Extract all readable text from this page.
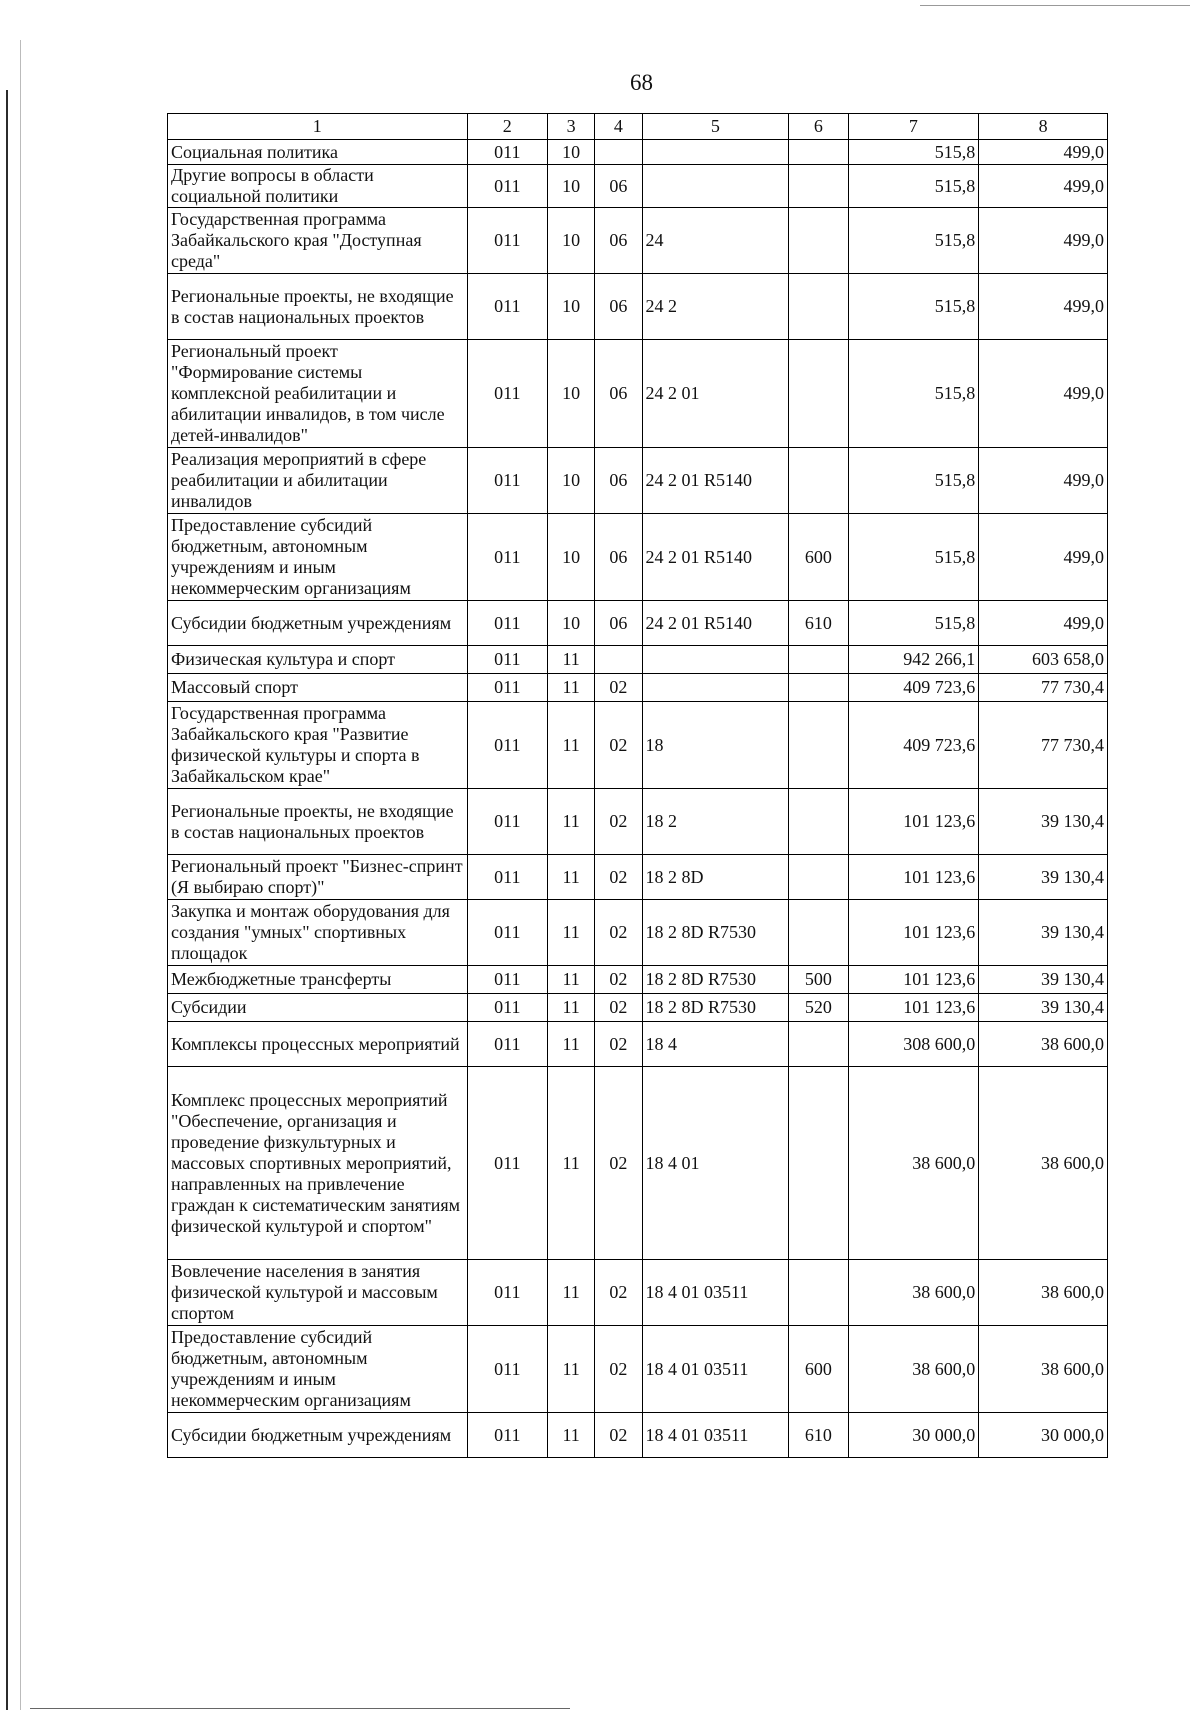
68
1	2	3	4	5	6	7	8
Социальная политика	011	10				515,8	499,0
Другие вопросы в области социальной политики	011	10	06			515,8	499,0
Государственная программа Забайкальского края "Доступная среда"	011	10	06	24		515,8	499,0
Региональные проекты, не входящие в состав национальных проектов	011	10	06	24 2		515,8	499,0
Региональный проект "Формирование системы комплексной реабилитации и абилитации инвалидов, в том числе детей-инвалидов"	011	10	06	24 2 01		515,8	499,0
Реализация мероприятий в сфере реабилитации и абилитации инвалидов	011	10	06	24 2 01 R5140		515,8	499,0
Предоставление субсидий бюджетным, автономным учреждениям и иным некоммерческим организациям	011	10	06	24 2 01 R5140	600	515,8	499,0
Субсидии бюджетным учреждениям	011	10	06	24 2 01 R5140	610	515,8	499,0
Физическая культура и спорт	011	11				942 266,1	603 658,0
Массовый спорт	011	11	02			409 723,6	77 730,4
Государственная программа Забайкальского края "Развитие физической культуры и спорта в Забайкальском крае"	011	11	02	18		409 723,6	77 730,4
Региональные проекты, не входящие в состав национальных проектов	011	11	02	18 2		101 123,6	39 130,4
Региональный проект "Бизнес-спринт (Я выбираю спорт)"	011	11	02	18 2 8D		101 123,6	39 130,4
Закупка и монтаж оборудования для создания "умных" спортивных площадок	011	11	02	18 2 8D R7530		101 123,6	39 130,4
Межбюджетные трансферты	011	11	02	18 2 8D R7530	500	101 123,6	39 130,4
Субсидии	011	11	02	18 2 8D R7530	520	101 123,6	39 130,4
Комплексы процессных мероприятий	011	11	02	18 4		308 600,0	38 600,0
Комплекс процессных мероприятий "Обеспечение, организация и проведение физкультурных и массовых спортивных мероприятий, направленных на привлечение граждан к систематическим занятиям физической культурой и спортом"	011	11	02	18 4 01		38 600,0	38 600,0
Вовлечение населения в занятия физической культурой и массовым спортом	011	11	02	18 4 01 03511		38 600,0	38 600,0
Предоставление субсидий бюджетным, автономным учреждениям и иным некоммерческим организациям	011	11	02	18 4 01 03511	600	38 600,0	38 600,0
Субсидии бюджетным учреждениям	011	11	02	18 4 01 03511	610	30 000,0	30 000,0
